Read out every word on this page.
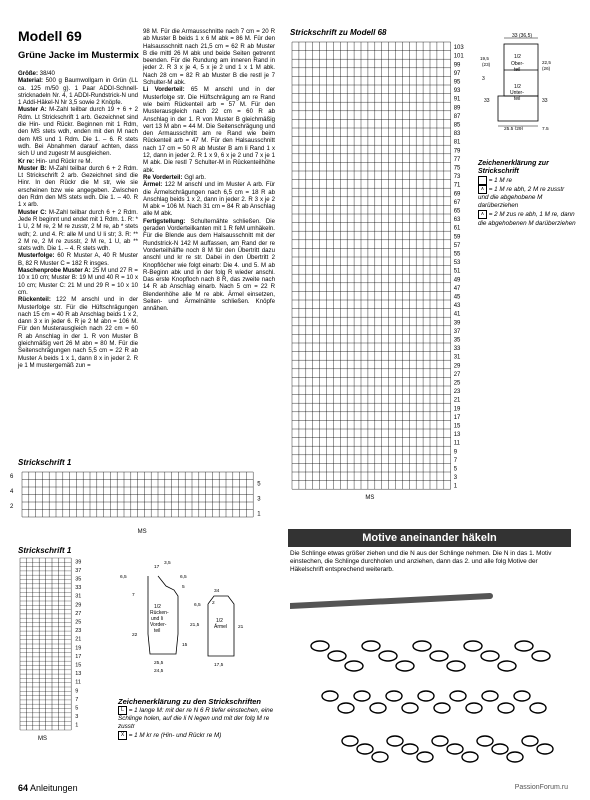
Modell 69
Grüne Jacke im Mustermix
Größe: 38/40
Material: 500 g Baumwollgarn in Grün (LL ca. 125 m/50 g). 1 Paar ADDI-Schnell-stricknadeln Nr. 4, 1 ADDI-Rundstrick-N und 1 Addi-Häkel-N Nr 3,5 sowie 2 Knöpfe.
Muster A: M-Zahl teilbar durch 19 + 6 + 2 Rdm. Lt Strickschrift 1 arb. Gezeichnet sind die Hin- und Rückr. Beginnen mit 1 Rdm, den MS stets wdh, enden mit den M nach dem MS und 1 Rdm. Die 1. – 6. R stets wdh. Bei Abnahmen darauf achten, dass sich U und zugestr M ausgleichen.
Kr re: Hin- und Rückr re M.
Muster B: M-Zahl teilbar durch 6 + 2 Rdm. Lt Strickschrift 2 arb. Gezeichnet sind die Hinr. In den Rückr die M str, wie sie erscheinen bzw wie angegeben. Zwischen den Rdm den MS stets wdh. Die 1. – 40. R 1 x arb.
Muster C: M-Zahl teilbar durch 6 + 2 Rdm. Jede R beginnt und endet mit 1 Rdm. 1. R: * 1 U, 2 M re, 2 M re zusstr, 2 M re, ab * stets wdh; 2. und 4. R: alle M und U li str; 3. R: ** 2 M re, 2 M re zusstr, 2 M re, 1 U, ab ** stets wdh. Die 1. – 4. R stets wdh.
Musterfolge: 60 R Muster A, 40 R Muster B, 82 R Muster C = 182 R insges.
Maschenprobe Muster A: 25 M und 27 R = 10 x 10 cm; Muster B: 19 M und 40 R = 10 x 10 cm; Muster C: 21 M und 29 R = 10 x 10 cm.
Rückenteil: 122 M anschl und in der Musterfolge str. Für die Hüftschrägungen nach 15 cm = 40 R ab Anschlag beids 1 x 2, dann 3 x in jeder 6. R je 2 M abn = 106 M. Für den Musterausgleich nach 22 cm = 60 R ab Anschlag in der 1. R von Muster B gleichmäßig vert 26 M abn = 80 M. Für die Seitenschrägungen nach 5,5 cm = 22 R ab Muster A beids 1 x 1, dann 8 x in jeder 2. R je 1 M mustergemäß zun =
98 M. Für die Armausschnitte nach 7 cm = 20 R ab Muster B beids 1 x 6 M abk = 86 M. Für den Halsausschnitt nach 21,5 cm = 62 R ab Muster B die mittl 26 M abk und beide Seiten getrennt beenden. Für die Rundung am inneren Rand in jeder 2. R 3 x je 4, 5 x je 2 und 1 x 1 M abk. Nach 28 cm = 82 R ab Muster B die restl je 7 Schulter-M abk.
Li Vorderteil: 65 M anschl und in der Musterfolge str. Die Hüftschrägung am re Rand wie beim Rückenteil arb = 57 M. Für den Musterausgleich nach 22 cm = 60 R ab Anschlag in der 1. R von Muster B gleichmäßig vert 13 M abn = 44 M. Die Seitenschrägung und den Armausschnitt am re Rand wie beim Rückenteil arb = 47 M. Für den Halsausschnitt nach 17 cm = 50 R ab Muster B am li Rand 1 x 12, dann in jeder 2. R 1 x 9, 6 x je 2 und 7 x je 1 M abk. Die restl 7 Schulter-M in Rückenteilhöhe abk.
Re Vorderteil: Ggl arb.
Ärmel: 122 M anschl und im Muster A arb. Für die Ärmelschrägungen nach 6,5 cm = 18 R ab Anschlag beids 1 x 2, dann in jeder 2. R 3 x je 2 M abk = 106 M. Nach 31 cm = 84 R ab Anschlag alle M abk.
Fertigstellung: Schulternähte schließen. Die geraden Vorderteilkanten mit 1 R feM umhäkeln. Für die Blende aus dem Halsausschnitt mit der Rundstrick-N 142 M auffassen, am Rand der re Vorderteilhälfte noch 8 M für den Übertritt dazu anschl und kr re str. Dabei in den Übertritt 2 Knopflöcher wie folgt einarb: Die 4. und 5. M ab R-Beginn abk und in der folg R wieder anschl. Das erste Knopfloch nach 8 R, das zweite nach 14 R ab Anschlag einarb. Nach 5 cm = 22 R Blendenhöhe alle M re abk. Ärmel einsetzen, Seiten- und Ärmelnähte schließen. Knöpfe annähen.
Strickschrift zu Modell 68
103
101
99
97
95
93
91
89
87
85
83
81
79
77
75
73
71
69
67
65
63
61
59
57
55
53
51
49
47
45
43
41
39
37
35
33
31
29
27
25
23
21
19
17
15
13
11
9
7
5
3
1
MS
33 (36,5)
19,5
(23)
1/2
Ober-
teil
22,5
(26)
3
1/2
Unter-
teil
33	33
25,5 (29)	7,5
Zeichenerklärung zur Strickschrift
= 1 M re
∧ = 1 M re abh, 2 M re zusstr und die abgehobene M darüberziehen
∧ = 2 M zus re abh, 1 M re, dann die abgehobenen M darüberziehen
Strickschrift 1
6
4
2
5
3
1
MS
Strickschrift 1
39
37
35
33
31
29
27
25
23
21
19
17
15
13
11
9
7
5
3
1
MS
17
3,5
6,5	6,5
1/2
Rücken-
und li
Vorder-
teil
5
7
22
15
21,5
25,5
24,5
34
1/2
Ärmel 21
2
6,5
17,5
Zeichenerklärung zu den Strickschriften
L = 1 lange M: mit der re N 6 R tiefer einstechen, eine Schlinge holen, auf die li N legen und mit der folg M re zusstr
X = 1 M kr re (Hin- und Rückr re M)
Motive aneinander häkeln
Die Schlinge etwas größer ziehen und die N aus der Schlinge nehmen. Die N in das 1. Motiv einstechen, die Schlinge durchholen und anziehen, dann das 2. und alle folg Motive der Häkelschrift entsprechend weiterarb.
64 Anleitungen	PassionForum.ru
